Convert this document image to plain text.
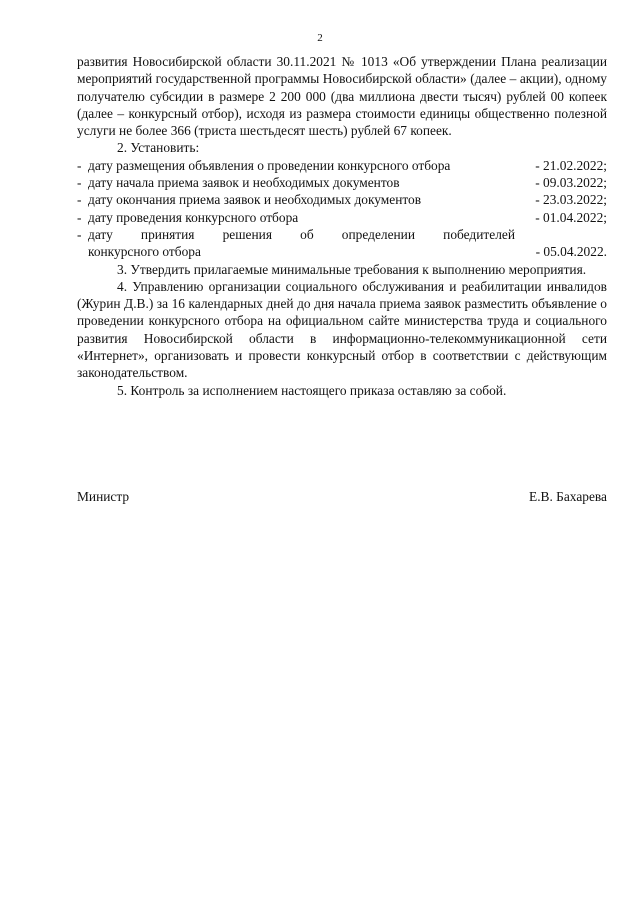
2

развития Новосибирской области 30.11.2021 № 1013 «Об утверждении Плана реализации мероприятий государственной программы Новосибирской области» (далее – акции), одному получателю субсидии в размере 2 200 000 (два миллиона двести тысяч) рублей 00 копеек (далее – конкурсный отбор), исходя из размера стоимости единицы общественно полезной услуги не более 366 (триста шестьдесят шесть) рублей 67 копеек.

2. Установить:

- дату размещения объявления о проведении конкурсного отбора	- 21.02.2022;
- дату начала приема заявок и необходимых документов	- 09.03.2022;
- дату окончания приема заявок и необходимых документов	- 23.03.2022;
- дату проведения конкурсного отбора	- 01.04.2022;
- дату принятия решения об определении победителей
конкурсного отбора	- 05.04.2022.

3. Утвердить прилагаемые минимальные требования к выполнению мероприятия.

4. Управлению организации социального обслуживания и реабилитации инвалидов (Журин Д.В.) за 16 календарных дней до дня начала приема заявок разместить объявление о проведении конкурсного отбора на официальном сайте министерства труда и социального развития Новосибирской области в информационно-телекоммуникационной сети «Интернет», организовать и провести конкурсный отбор в соответствии с действующим законодательством.

5. Контроль за исполнением настоящего приказа оставляю за собой.

Министр	Е.В. Бахарева
